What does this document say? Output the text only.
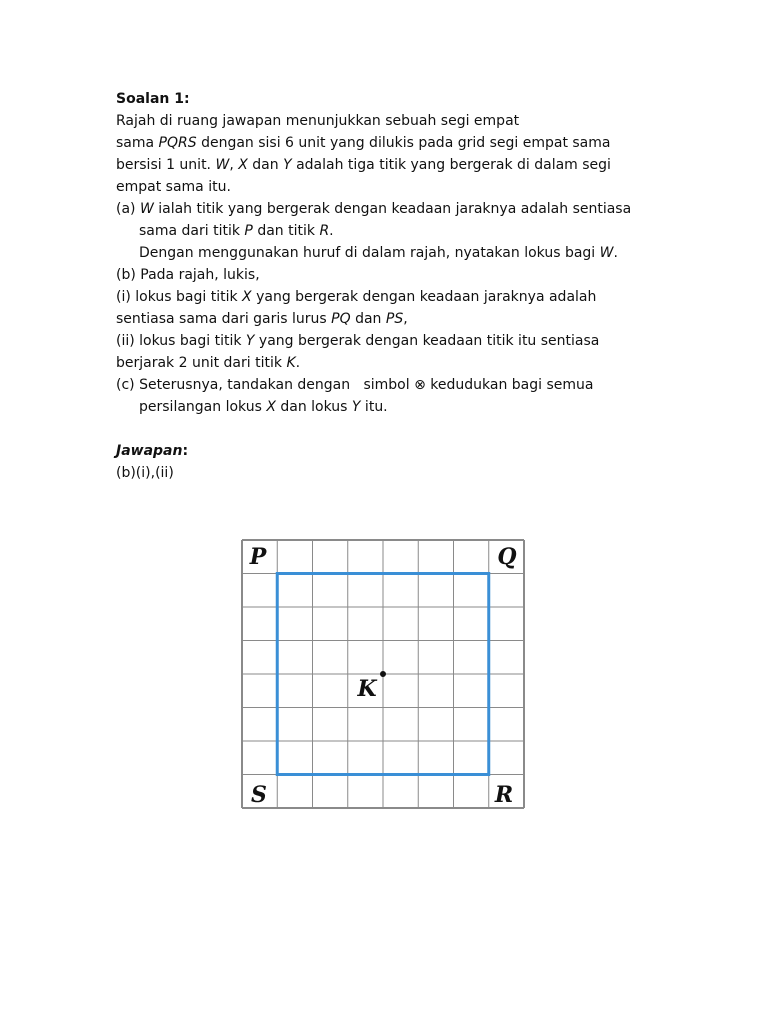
Soalan 1:
Rajah di ruang jawapan menunjukkan sebuah segi empat
sama PQRS dengan sisi 6 unit yang dilukis pada grid segi empat sama
bersisi 1 unit. W, X dan Y adalah tiga titik yang bergerak di dalam segi
empat sama itu.
(a) W ialah titik yang bergerak dengan keadaan jaraknya adalah sentiasa
sama dari titik P dan titik R.
Dengan menggunakan huruf di dalam rajah, nyatakan lokus bagi W.
(b) Pada rajah, lukis,
(i) lokus bagi titik X yang bergerak dengan keadaan jaraknya adalah
sentiasa sama dari garis lurus PQ dan PS,
(ii) lokus bagi titik Y yang bergerak dengan keadaan titik itu sentiasa
berjarak 2 unit dari titik K.
(c) Seterusnya, tandakan dengan   simbol ⊗ kedudukan bagi semua
persilangan lokus X dan lokus Y itu.
Jawapan:
(b)(i),(ii)
P	Q
S	R
K
